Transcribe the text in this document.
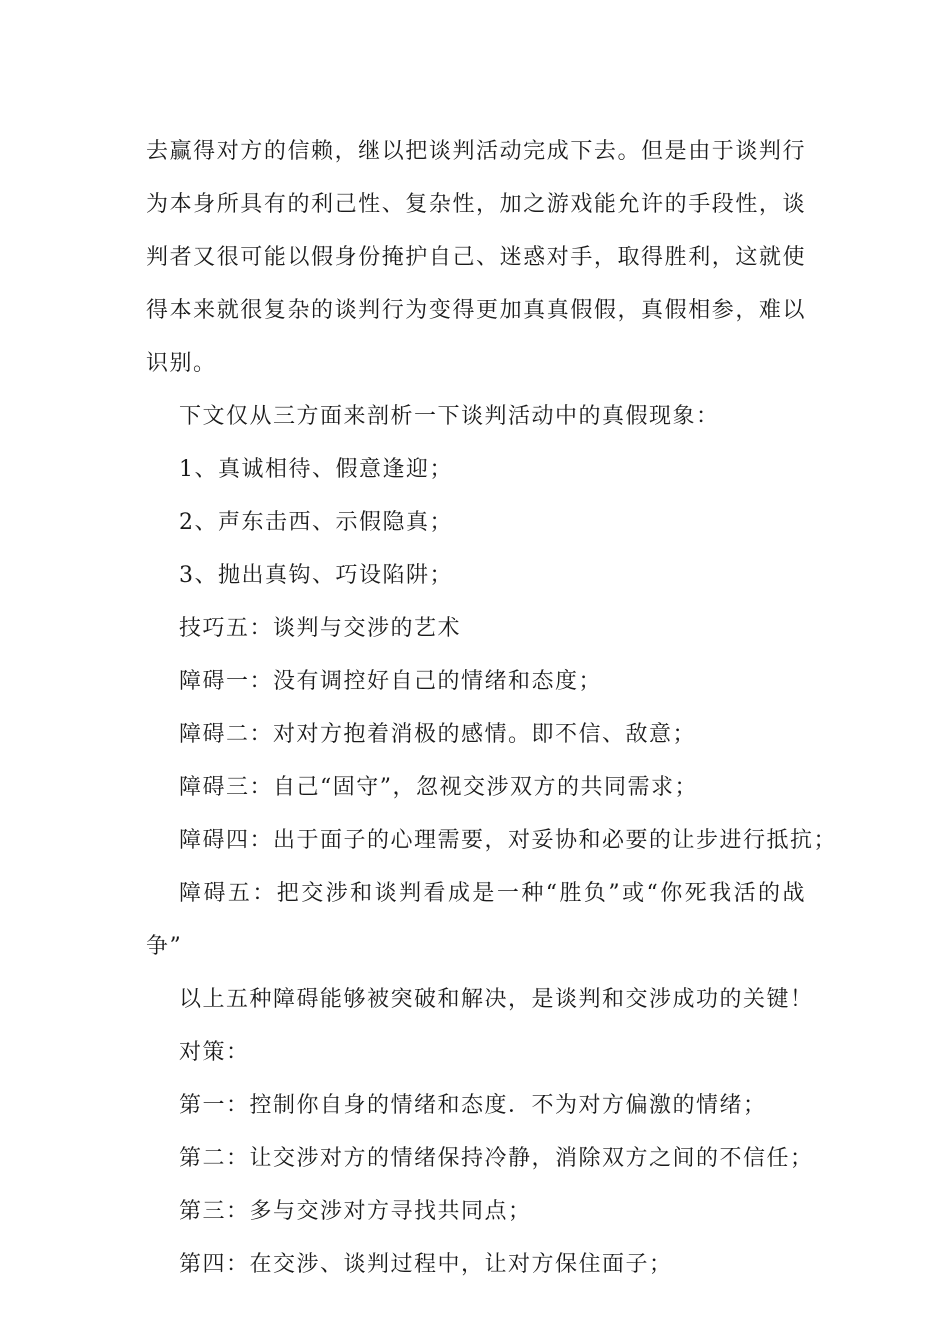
去赢得对方的信赖，继以把谈判活动完成下去。但是由于谈判行为本身所具有的利己性、复杂性，加之游戏能允许的手段性，谈判者又很可能以假身份掩护自己、迷惑对手，取得胜利，这就使得本来就很复杂的谈判行为变得更加真真假假，真假相参，难以识别。

下文仅从三方面来剖析一下谈判活动中的真假现象：

1、真诚相待、假意逢迎；

2、声东击西、示假隐真；

3、抛出真钩、巧设陷阱；

技巧五：谈判与交涉的艺术

障碍一：没有调控好自己的情绪和态度；

障碍二：对对方抱着消极的感情。即不信、敌意；

障碍三：自己“固守”，忽视交涉双方的共同需求；

障碍四：出于面子的心理需要，对妥协和必要的让步进行抵抗；

障碍五：把交涉和谈判看成是一种“胜负”或“你死我活的战争”

以上五种障碍能够被突破和解决，是谈判和交涉成功的关键！

对策：

第一：控制你自身的情绪和态度．不为对方偏激的情绪；

第二：让交涉对方的情绪保持冷静，消除双方之间的不信任；

第三：多与交涉对方寻找共同点；

第四：在交涉、谈判过程中，让对方保住面子；
